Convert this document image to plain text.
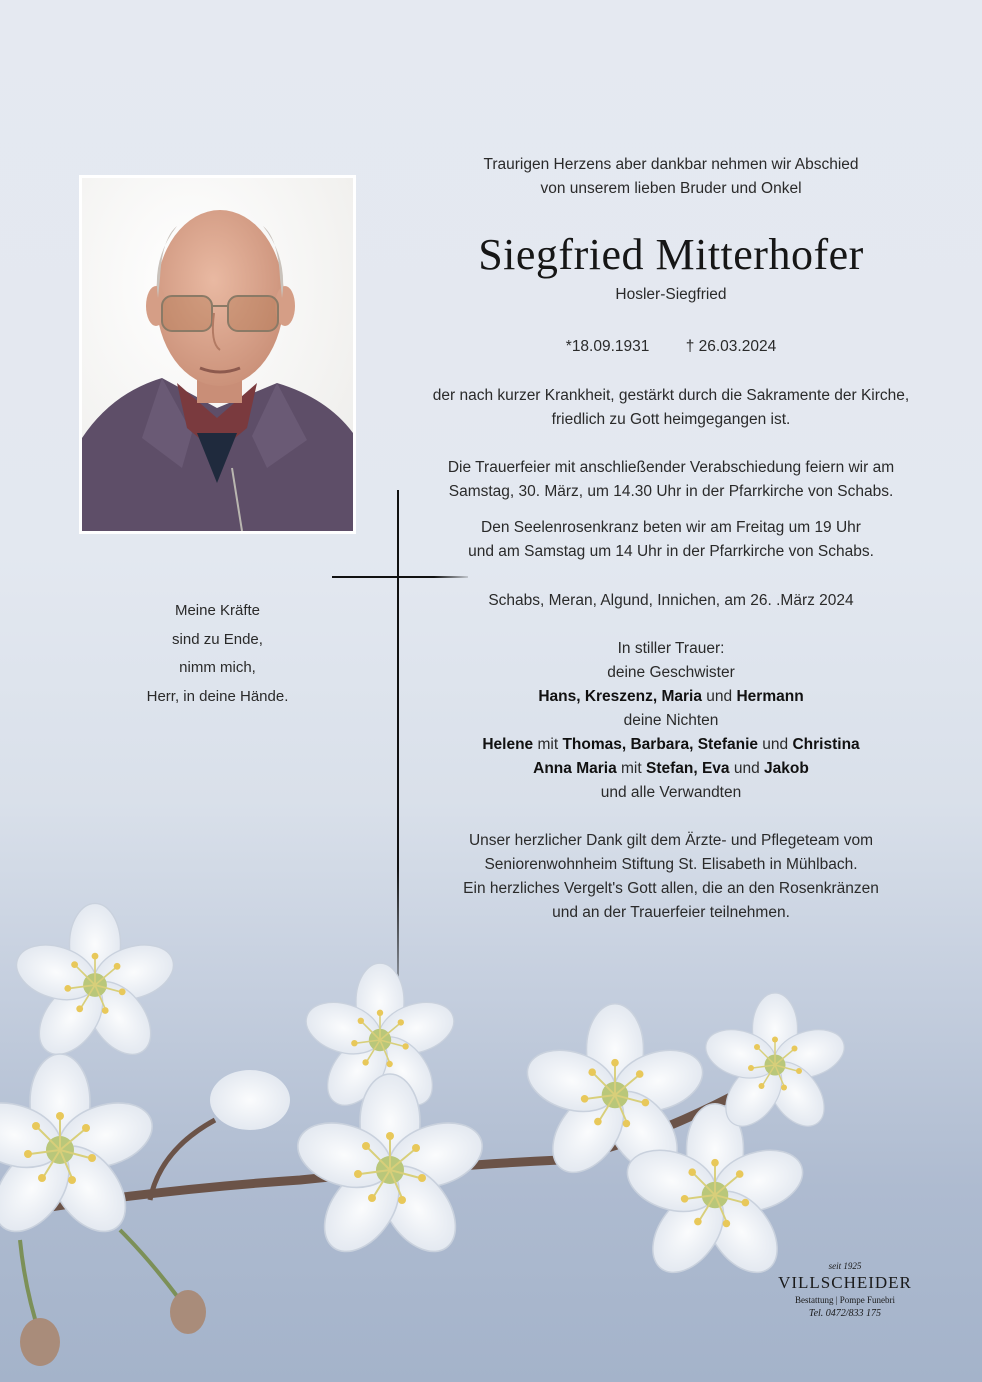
Meine Kräfte
sind zu Ende,
nimm mich,
Herr, in deine Hände.
Traurigen Herzens aber dankbar nehmen wir Abschied
von unserem lieben Bruder und Onkel
Siegfried Mitterhofer
Hosler-Siegfried
*18.09.1931 † 26.03.2024
der nach kurzer Krankheit, gestärkt durch die Sakramente der Kirche,
friedlich zu Gott heimgegangen ist.
Die Trauerfeier mit anschließender Verabschiedung feiern wir am
Samstag, 30. März, um 14.30 Uhr in der Pfarrkirche von Schabs.
Den Seelenrosenkranz beten wir am Freitag um 19 Uhr
und am Samstag um 14 Uhr in der Pfarrkirche von Schabs.
Schabs, Meran, Algund, Innichen, am 26. .März 2024
In stiller Trauer:
deine Geschwister
Hans, Kreszenz, Maria und Hermann
deine Nichten
Helene mit Thomas, Barbara, Stefanie und Christina
Anna Maria mit Stefan, Eva und Jakob
und alle Verwandten
Unser herzlicher Dank gilt dem Ärzte- und Pflegeteam vom
Seniorenwohnheim Stiftung St. Elisabeth in Mühlbach.
Ein herzliches Vergelt's Gott allen, die an den Rosenkränzen
und an der Trauerfeier teilnehmen.
seit 1925
VILLSCHEIDER
Bestattung | Pompe Funebri
Tel. 0472/833 175
